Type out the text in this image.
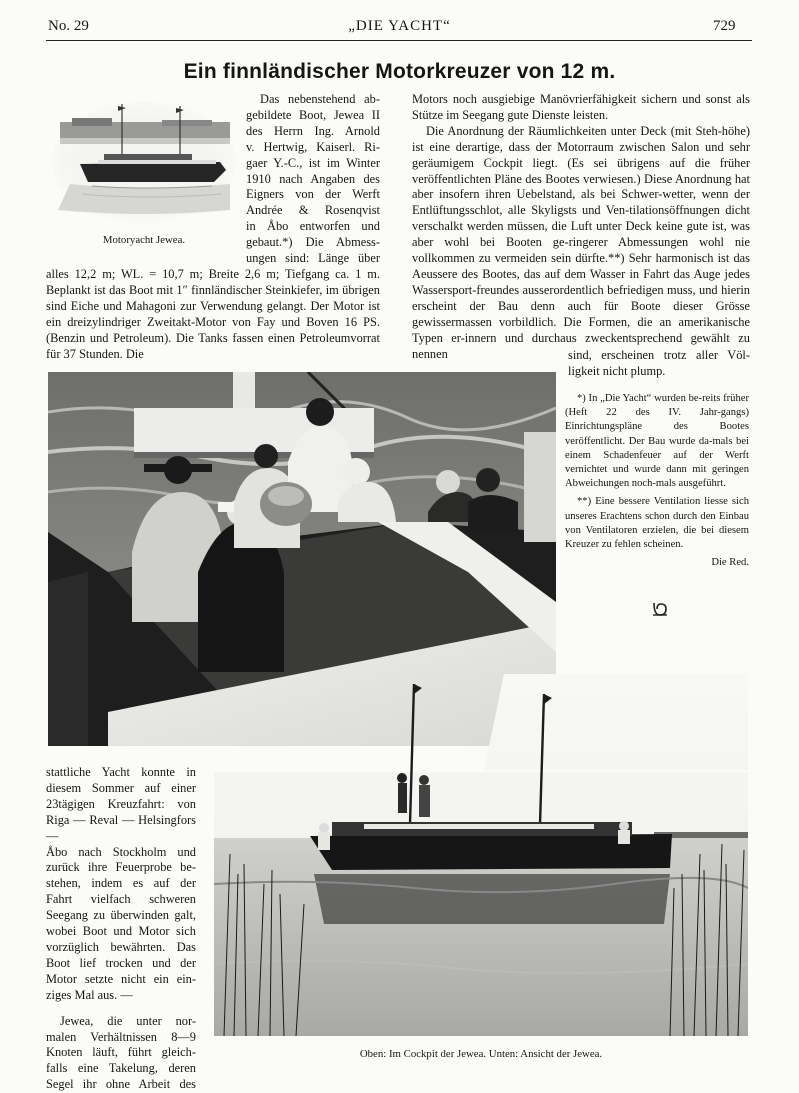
No. 29	„DIE YACHT“	729
Ein finnländischer Motorkreuzer von 12 m.
Motoryacht Jewea.

Das nebenstehend ab-

gebildete Boot, Jewea II

des Herrn Ing. Arnold

v. Hertwig, Kaiserl. Ri-

gaer Y.-C., ist im Winter

1910 nach Angaben des

Eigners von der Werft

Andrée & Rosenqvist

in Åbo entworfen und

gebaut.*) Die Abmess-

ungen sind: Länge über

alles 12,2 m; WL. = 10,7 m; Breite 2,6 m; Tiefgang ca. 1 m. Beplankt ist das Boot mit 1″ finnländischer Steinkiefer, im übrigen sind Eiche und Mahagoni zur Verwendung gelangt. Der Motor ist ein dreizylindriger Zweitakt-Motor von Fay und Boven 16 PS. (Benzin und Petroleum). Die Tanks fassen einen Petroleumvorrat für 37 Stunden. Die

Motors noch ausgiebige Manövrierfähigkeit sichern und sonst als Stütze im Seegang gute Dienste leisten.

Die Anordnung der Räumlichkeiten unter Deck (mit Steh-höhe) ist eine derartige, dass der Motorraum zwischen Salon und sehr geräumigem Cockpit liegt. (Es sei übrigens auf die früher veröffentlichten Pläne des Bootes verwiesen.) Diese Anordnung hat aber insofern ihren Uebelstand, als bei Schwer-wetter, wenn der Entlüftungsschlot, alle Skyligsts und Ven-tilationsöffnungen dicht verschalkt werden müssen, die Luft unter Deck keine gute ist, was aber wohl bei Booten ge-ringerer Abmessungen wohl nie vollkommen zu vermeiden sein dürfte.**) Sehr harmonisch ist das Aeussere des Bootes, das auf dem Wasser in Fahrt das Auge jedes Wassersport-freundes ausserordentlich befriedigen muss, und hierin erscheint der Bau denn auch für Boote dieser Grösse gewissermassen vorbildlich. Die Formen, die an amerikanische Typen er-innern und durchaus zweckentsprechend gewählt zu nennen	sind, erscheinen trotz aller Völ-

ligkeit nicht plump.

*) In „Die Yacht“ wurden be-reits früher (Heft 22 des IV. Jahr-gangs) Einrichtungspläne des Bootes veröffentlicht. Der Bau wurde da-mals bei einem Schadenfeuer auf der Werft vernichtet und wurde dann mit geringen Abweichungen noch-mals ausgeführt.

**) Eine bessere Ventilation liesse sich unseres Erachtens schon durch den Einbau von Ventilatoren erzielen, die bei diesem Kreuzer zu fehlen scheinen.

Die Red.

stattliche Yacht konnte in

diesem Sommer auf einer

23tägigen Kreuzfahrt: von

Riga — Reval — Helsingfors —

Åbo nach Stockholm und

zurück ihre Feuerprobe be-

stehen, indem es auf der

Fahrt vielfach schweren

Seegang zu überwinden galt,

wobei Boot und Motor sich

vorzüglich bewährten. Das

Boot lief trocken und der

Motor setzte nicht ein ein-

ziges Mal aus. —

Jewea, die unter nor-

malen Verhältnissen 8—9

Knoten läuft, führt gleich-

falls eine Takelung, deren

Segel ihr ohne Arbeit des

Oben: Im Cockpit der Jewea. Unten: Ansicht der Jewea.
